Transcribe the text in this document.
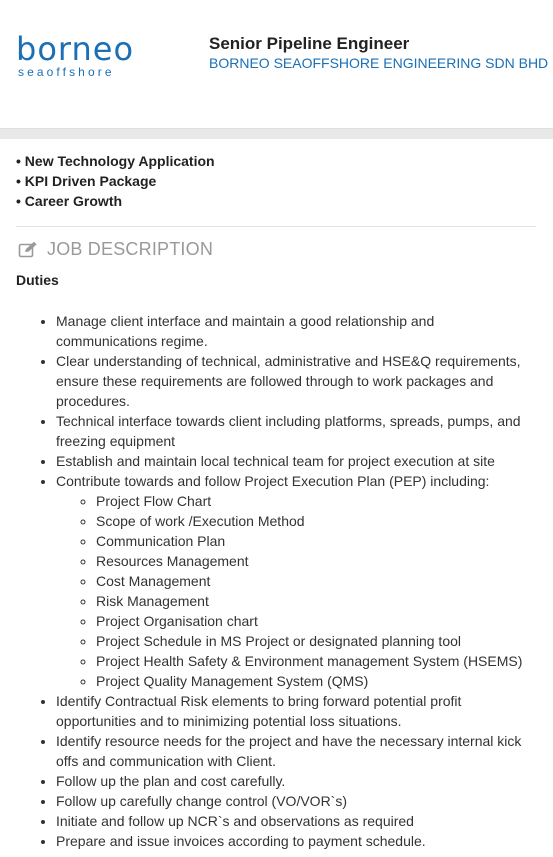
borneo
seaoffshore
Senior Pipeline Engineer
BORNEO SEAOFFSHORE ENGINEERING SDN BHD
• New Technology Application
• KPI Driven Package
• Career Growth
JOB DESCRIPTION
Duties
• Manage client interface and maintain a good relationship and communications regime.
• Clear understanding of technical, administrative and HSE&Q requirements, ensure these requirements are followed through to work packages and procedures.
• Technical interface towards client including platforms, spreads, pumps, and freezing equipment
• Establish and maintain local technical team for project execution at site
• Contribute towards and follow Project Execution Plan (PEP) including:
◦ Project Flow Chart
◦ Scope of work /Execution Method
◦ Communication Plan
◦ Resources Management
◦ Cost Management
◦ Risk Management
◦ Project Organisation chart
◦ Project Schedule in MS Project or designated planning tool
◦ Project Health Safety & Environment management System (HSEMS)
◦ Project Quality Management System (QMS)
• Identify Contractual Risk elements to bring forward potential profit opportunities and to minimizing potential loss situations.
• Identify resource needs for the project and have the necessary internal kick offs and communication with Client.
• Follow up the plan and cost carefully.
• Follow up carefully change control (VO/VOR`s)
• Initiate and follow up NCR`s and observations as required
• Prepare and issue invoices according to payment schedule.
